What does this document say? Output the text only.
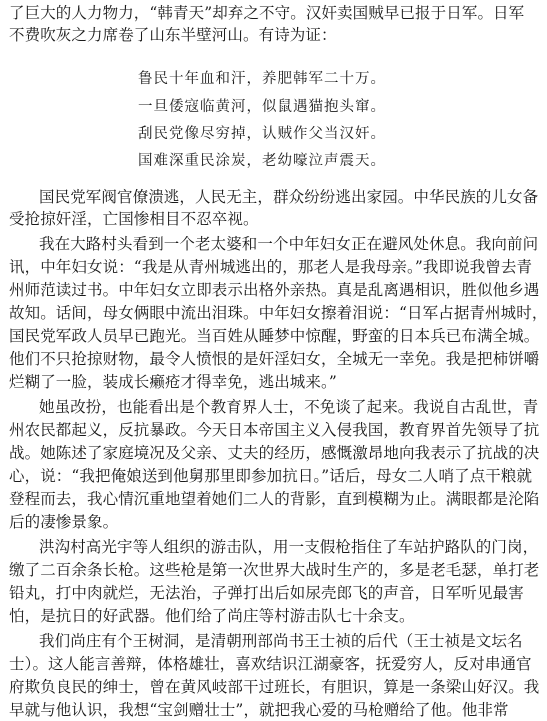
了巨大的人力物力，“韩青天”却弃之不守。汉奸卖国贼早已报于日军。日军
不费吹灰之力席卷了山东半壁河山。有诗为证：
鲁民十年血和汗，养肥韩军二十万。
一旦倭寇临黄河，似鼠遇猫抱头窜。
刮民党像尽穷掉，认贼作父当汉奸。
国难深重民涂炭，老幼嚎泣声震天。
国民党军阀官僚溃逃，人民无主，群众纷纷逃出家园。中华民族的儿女备
受抢掠奸淫，亡国惨相目不忍卒视。
我在大路村头看到一个老太婆和一个中年妇女正在避风处休息。我向前问
讯，中年妇女说：“我是从青州城逃出的，那老人是我母亲。”我即说我曾去青
州师范读过书。中年妇女立即表示出格外亲热。真是乱离遇相识，胜似他乡遇
故知。话间，母女俩眼中流出泪珠。中年妇女擦着泪说：“日军占据青州城时，
国民党军政人员早已跑光。当百姓从睡梦中惊醒，野蛮的日本兵已布满全城。
他们不只抢掠财物，最令人愤恨的是奸淫妇女，全城无一幸免。我是把柿饼嚼
烂糊了一脸，装成长癞疮才得幸免，逃出城来。”
她虽改扮，也能看出是个教育界人士，不免谈了起来。我说自古乱世，青
州农民都起义，反抗暴政。今天日本帝国主义入侵我国，教育界首先领导了抗
战。她陈述了家庭境况及父亲、丈夫的经历，感慨激昂地向我表示了抗战的决
心，说：“我把俺娘送到他舅那里即参加抗日。”话后，母女二人哨了点干粮就
登程而去，我心情沉重地望着她们二人的背影，直到模糊为止。满眼都是沦陷
后的凄惨景象。
洪沟村高光宇等人组织的游击队，用一支假枪指住了车站护路队的门岗，
缴了二百余条长枪。这些枪是第一次世界大战时生产的，多是老毛瑟，单打老
铅丸，打中肉就烂，无法治，子弹打出后如尿壳郎飞的声音，日军听见最害
怕，是抗日的好武器。他们给了尚庄等村游击队七十余支。
我们尚庄有个王树洞，是清朝刑部尚书王士祯的后代（王士祯是文坛名
士）。这人能言善辩，体格雄壮，喜欢结识江湖豪客，抚爱穷人，反对串通官
府欺负良民的绅士，曾在黄风岐部干过班长，有胆识，算是一条梁山好汉。我
早就与他认识，我想“宝剑赠壮士”，就把我心爱的马枪赠给了他。他非常
